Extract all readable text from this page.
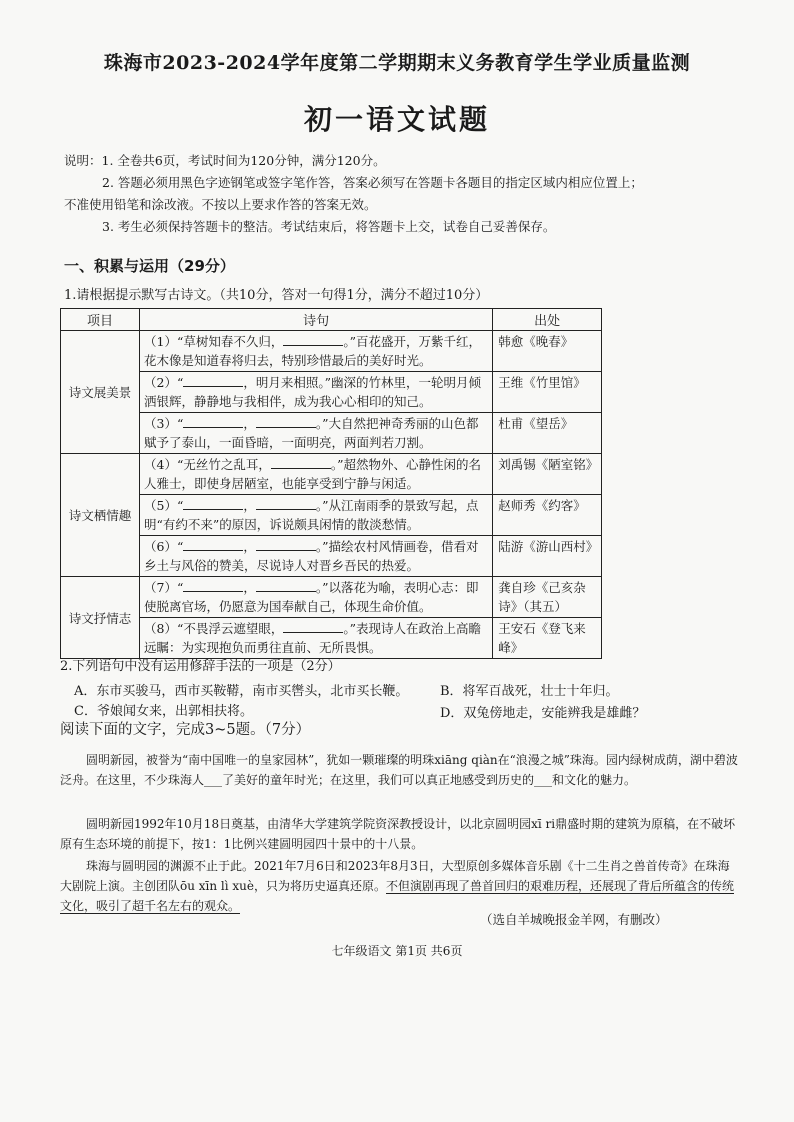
珠海市2023-2024学年度第二学期期末义务教育学生学业质量监测
初一语文试题

说明：1. 全卷共6页，考试时间为120分钟，满分120分。

2. 答题必须用黑色字迹钢笔或签字笔作答，答案必须写在答题卡各题目的指定区域内相应位置上；

不准使用铅笔和涂改液。不按以上要求作答的答案无效。

3. 考生必须保持答题卡的整洁。考试结束后，将答题卡上交，试卷自己妥善保存。

一、积累与运用（29分）
1.请根据提示默写古诗文。（共10分，答对一句得1分，满分不超过10分）
项目	诗句	出处
诗文展美景	（1）“草树知春不久归， 。”百花盛开，万紫千红，花木像是知道春将归去，特别珍惜最后的美好时光。	韩愈《晚春》
	（2）“ ，明月来相照。”幽深的竹林里，一轮明月倾洒银辉，静静地与我相伴，成为我心心相印的知己。	王维《竹里馆》
	（3）“ ， 。”大自然把神奇秀丽的山色都赋予了泰山，一面昏暗，一面明亮，两面判若刀割。	杜甫《望岳》
诗文栖情趣	（4）“无丝竹之乱耳， 。”超然物外、心静性闲的名人雅士，即使身居陋室，也能享受到宁静与闲适。	刘禹锡《陋室铭》
	（5）“ ， 。”从江南雨季的景致写起，点明“有约不来”的原因，诉说颇具闲情的散淡愁情。	赵师秀《约客》
	（6）“ ， 。”描绘农村风情画卷，借看对乡土与风俗的赞美，尽说诗人对晋乡吾民的热爱。	陆游《游山西村》
诗文抒情志	（7）“ ， 。”以落花为喻，表明心志：即使脱离官场，仍愿意为国奉献自己，体现生命价值。	龚自珍《己亥杂诗》（其五）
	（8）“不畏浮云遮望眼， 。”表现诗人在政治上高瞻远瞩：为实现抱负而勇往直前、无所畏惧。	王安石《登飞来峰》
2.下列语句中没有运用修辞手法的一项是（2分）
A．东市买骏马，西市买鞍鞯，南市买辔头，北市买长鞭。 B．将军百战死，壮士十年归。
C．爷娘闻女来，出郭相扶将。	D．双兔傍地走，安能辨我是雄雌？
阅读下面的文字，完成3~5题。（7分）

圆明新园，被誉为“南中国唯一的皇家园林”，犹如一颗璀璨的明珠xiāng qiàn在“浪漫之城”珠海。园内绿树成荫，湖中碧波泛舟。在这里，不少珠海人___了美好的童年时光；在这里，我们可以真正地感受到历史的___和文化的魅力。

圆明新园1992年10月18日奠基，由清华大学建筑学院资深教授设计，以北京圆明园xī ri鼎盛时期的建筑为原稿，在不破坏原有生态环境的前提下，按1：1比例兴建圆明园四十景中的十八景。

珠海与圆明园的渊源不止于此。2021年7月6日和2023年8月3日，大型原创多媒体音乐剧《十二生肖之兽首传奇》在珠海大剧院上演。主创团队ōu xīn lì xuè，只为将历史逼真还原。不但演剧再现了兽首回归的艰难历程，还展现了背后所蕴含的传统文化，吸引了超千名左右的观众。

（选自羊城晚报金羊网，有删改）
七年级语文 第1页 共6页
